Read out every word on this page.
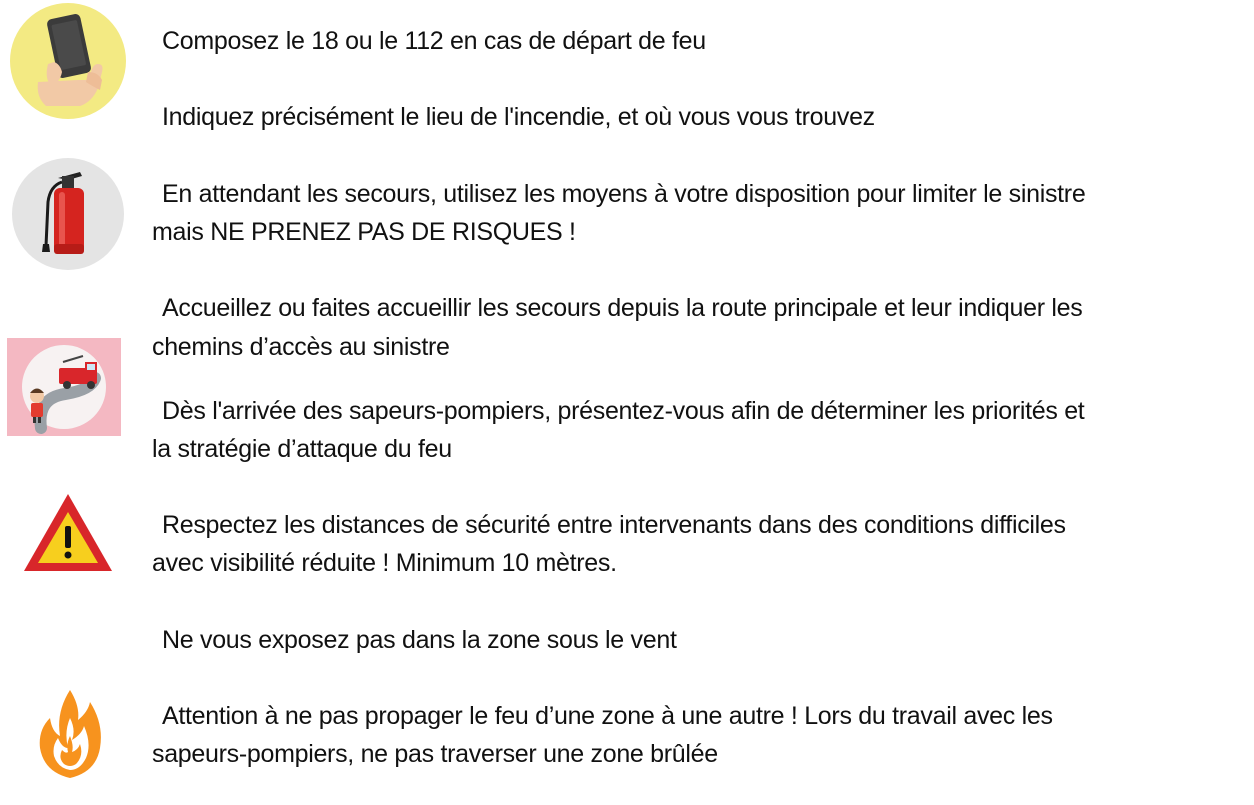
Composez le 18 ou le 112 en cas de départ de feu
Indiquez précisément le lieu de l'incendie, et où vous vous trouvez
En attendant les secours, utilisez les moyens à votre disposition pour limiter le sinistre
mais NE PRENEZ PAS DE RISQUES !
Accueillez ou faites accueillir les secours depuis la route principale et leur indiquer les
chemins d’accès au sinistre
Dès l'arrivée des sapeurs-pompiers, présentez-vous afin de déterminer les priorités et
la stratégie d’attaque du feu
Respectez les distances de sécurité entre intervenants dans des conditions difficiles
avec visibilité réduite ! Minimum 10 mètres.
Ne vous exposez pas dans la zone sous le vent
Attention à ne pas propager le feu d’une zone à une autre ! Lors du travail avec les
sapeurs-pompiers, ne pas traverser une zone brûlée
